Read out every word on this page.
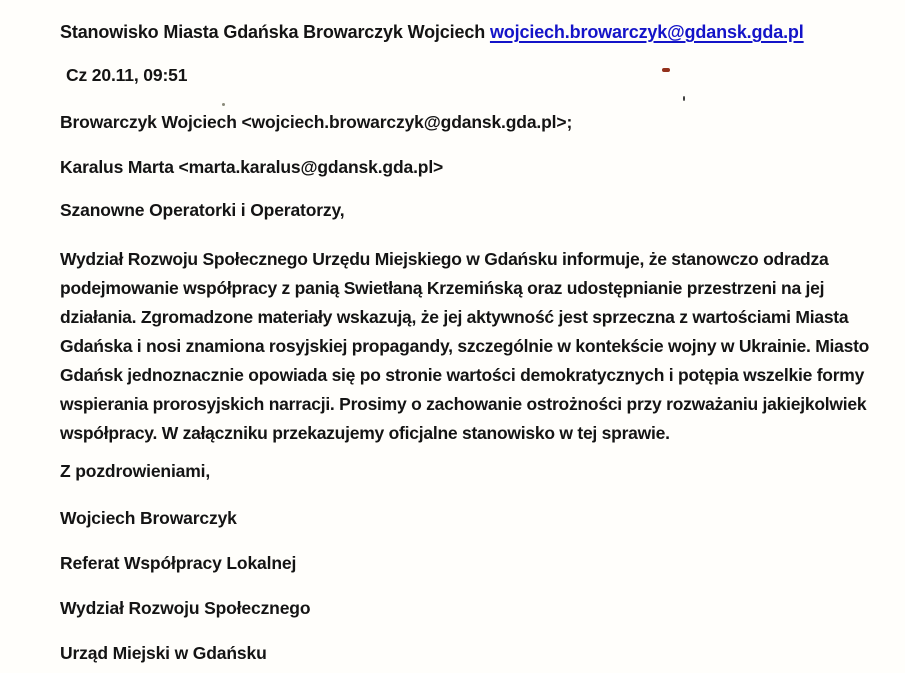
Stanowisko Miasta Gdańska Browarczyk Wojciech wojciech.browarczyk@gdansk.gda.pl
Cz 20.11, 09:51
Browarczyk Wojciech <wojciech.browarczyk@gdansk.gda.pl>;
Karalus Marta <marta.karalus@gdansk.gda.pl>
Szanowne Operatorki i Operatorzy,
Wydział Rozwoju Społecznego Urzędu Miejskiego w Gdańsku informuje, że stanowczo odradza
podejmowanie współpracy z panią Swietłaną Krzemińską oraz udostępnianie przestrzeni na jej
działania. Zgromadzone materiały wskazują, że jej aktywność jest sprzeczna z wartościami Miasta
Gdańska i nosi znamiona rosyjskiej propagandy, szczególnie w kontekście wojny w Ukrainie. Miasto
Gdańsk jednoznacznie opowiada się po stronie wartości demokratycznych i potępia wszelkie formy
wspierania prorosyjskich narracji. Prosimy o zachowanie ostrożności przy rozważaniu jakiejkolwiek
współpracy. W załączniku przekazujemy oficjalne stanowisko w tej sprawie.
Z pozdrowieniami,
Wojciech Browarczyk
Referat Współpracy Lokalnej
Wydział Rozwoju Społecznego
Urząd Miejski w Gdańsku
